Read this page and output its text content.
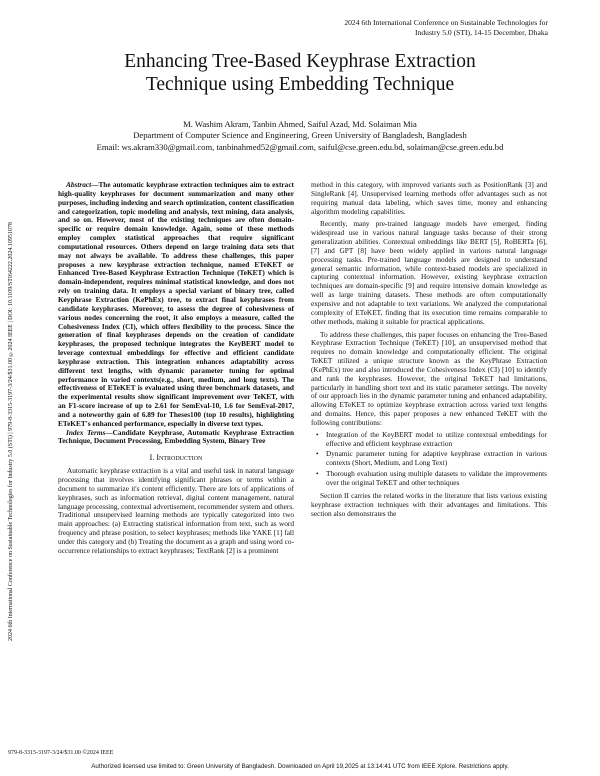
2024 6th International Conference on Sustainable Technologies for
Industry 5.0 (STI), 14-15 December, Dhaka
Enhancing Tree-Based Keyphrase Extraction
Technique using Embedding Technique
M. Washim Akram, Tanbin Ahmed, Saiful Azad, Md. Solaiman Mia
Department of Computer Science and Engineering, Green University of Bangladesh, Bangladesh
Email: ws.akram330@gmail.com, tanbinahmed52@gmail.com, saiful@cse.green.edu.bd, solaiman@cse.green.edu.bd
2024 6th International Conference on Sustainable Technologies for Industry 5.0 (STI) | 979-8-3315-3197-3/24/$31.00 ©2024 IEEE | DOI: 10.1109/STI64222.2024.10951078

Abstract—The automatic keyphrase extraction techniques aim to extract high-quality keyphrases for document summarization and many other purposes, including indexing and search optimization, content classification and categorization, topic modeling and analysis, text mining, data analysis, and so on. However, most of the existing techniques are often domain-specific or require domain knowledge. Again, some of these methods employ complex statistical approaches that require significant computational resources. Others depend on large training data sets that may not always be available. To address these challenges, this paper proposes a new keyphrase extraction technique, named ETeKET or Enhanced Tree-Based Keyphrase Extraction Technique (TeKET) which is domain-independent, requires minimal statistical knowledge, and does not rely on training data. It employs a special variant of binary tree, called Keyphrase Extraction (KePhEx) tree, to extract final keyphrases from candidate keyphrases. Moreover, to assess the degree of cohesiveness of various nodes concerning the root, it also employs a measure, called the Cohesiveness Index (CI), which offers flexibility to the process. Since the generation of final keyphrases depends on the creation of candidate keyphrases, the proposed technique integrates the KeyBERT model to leverage contextual embeddings for effective and efficient candidate keyphrase extraction. This integration enhances adaptability across different text lengths, with dynamic parameter tuning for optimal performance in varied contexts(e.g., short, medium, and long texts). The effectiveness of ETeKET is evaluated using three benchmark datasets, and the experimental results show significant improvement over TeKET, with an F1-score increase of up to 2.61 for SemEval-10, 1.6 for SemEval-2017, and a noteworthy gain of 6.89 for Theses100 (top 10 results), highlighting ETeKET's enhanced performance, especially in diverse text types.

Index Terms—Candidate Keyphrase, Automatic Keyphrase Extraction Technique, Document Processing, Embedding System, Binary Tree

I. Introduction

Automatic keyphrase extraction is a vital and useful task in natural language processing that involves identifying significant phrases or terms within a document to summarize it's content efficiently. There are lots of applications of keyphrases, such as information retrieval, digital content management, natural language processing, contextual advertisement, recommender system and others. Traditional unsupervised learning methods are typically categorized into two main approaches: (a) Extracting statistical information from text, such as word frequency and phrase position, to select keyphrases; methods like YAKE [1] fall under this category and (b) Treating the document as a graph and using word co-occurrence relationships to extract keyphrases; TextRank [2] is a prominent

method in this category, with improved variants such as PositionRank [3] and SingleRank [4]. Unsupervised learning methods offer advantages such as not requiring manual data labeling, which saves time, money and enhancing algorithm modeling capabilities.

Recently, many pre-trained language models have emerged, finding widespread use in various natural language tasks because of their strong generalization abilities. Contextual embeddings like BERT [5], RoBERTa [6], [7] and GPT [8] have been widely applied in various natural language processing tasks. Pre-trained language models are designed to understand general semantic information, while context-based models are specialized in capturing contextual information. However, existing keyphrase extraction techniques are domain-specific [9] and require intensive domain knowledge as well as large training datasets. These methods are often computationally expensive and not adaptable to text variations. We analyzed the computational complexity of ETeKET, finding that its execution time remains comparable to other methods, making it suitable for practical applications.

To address these challenges, this paper focuses on enhancing the Tree-Based Keyphrase Extraction Technique (TeKET) [10], an unsupervised method that requires no domain knowledge and computationally efficient. The original TeKET utilized a unique structure known as the KeyPhrase Extraction (KePhEx) tree and also introduced the Cohesiveness Index (CI) [10] to identify and rank the keyphrases. However, the original TeKET had limitations, particularly in handling short text and its static parameter settings. The novelty of our approach lies in the dynamic parameter tuning and enhanced adaptability, allowing ETeKET to optimize keyphrase extraction across varied text lengths and domains. Hence, this paper proposes a new enhanced TeKET with the following contributions:

• Integration of the KeyBERT model to utilize contextual embeddings for effective and efficient keyphrase extraction
• Dynamic parameter tuning for adaptive keyphrase extraction in various contexts (Short, Medium, and Long Text)
• Thorough evaluation using multiple datasets to validate the improvements over the original TeKET and other techniques

Section II carries the related works in the literature that lists various existing keyphrase extraction techniques with their advantages and limitations. This section also demonstrates the

979-8-3315-3197-3/24/$31.00 ©2024 IEEE
Authorized licensed use limited to: Green University of Bangladesh. Downloaded on April 19,2025 at 13:14:41 UTC from IEEE Xplore. Restrictions apply.
